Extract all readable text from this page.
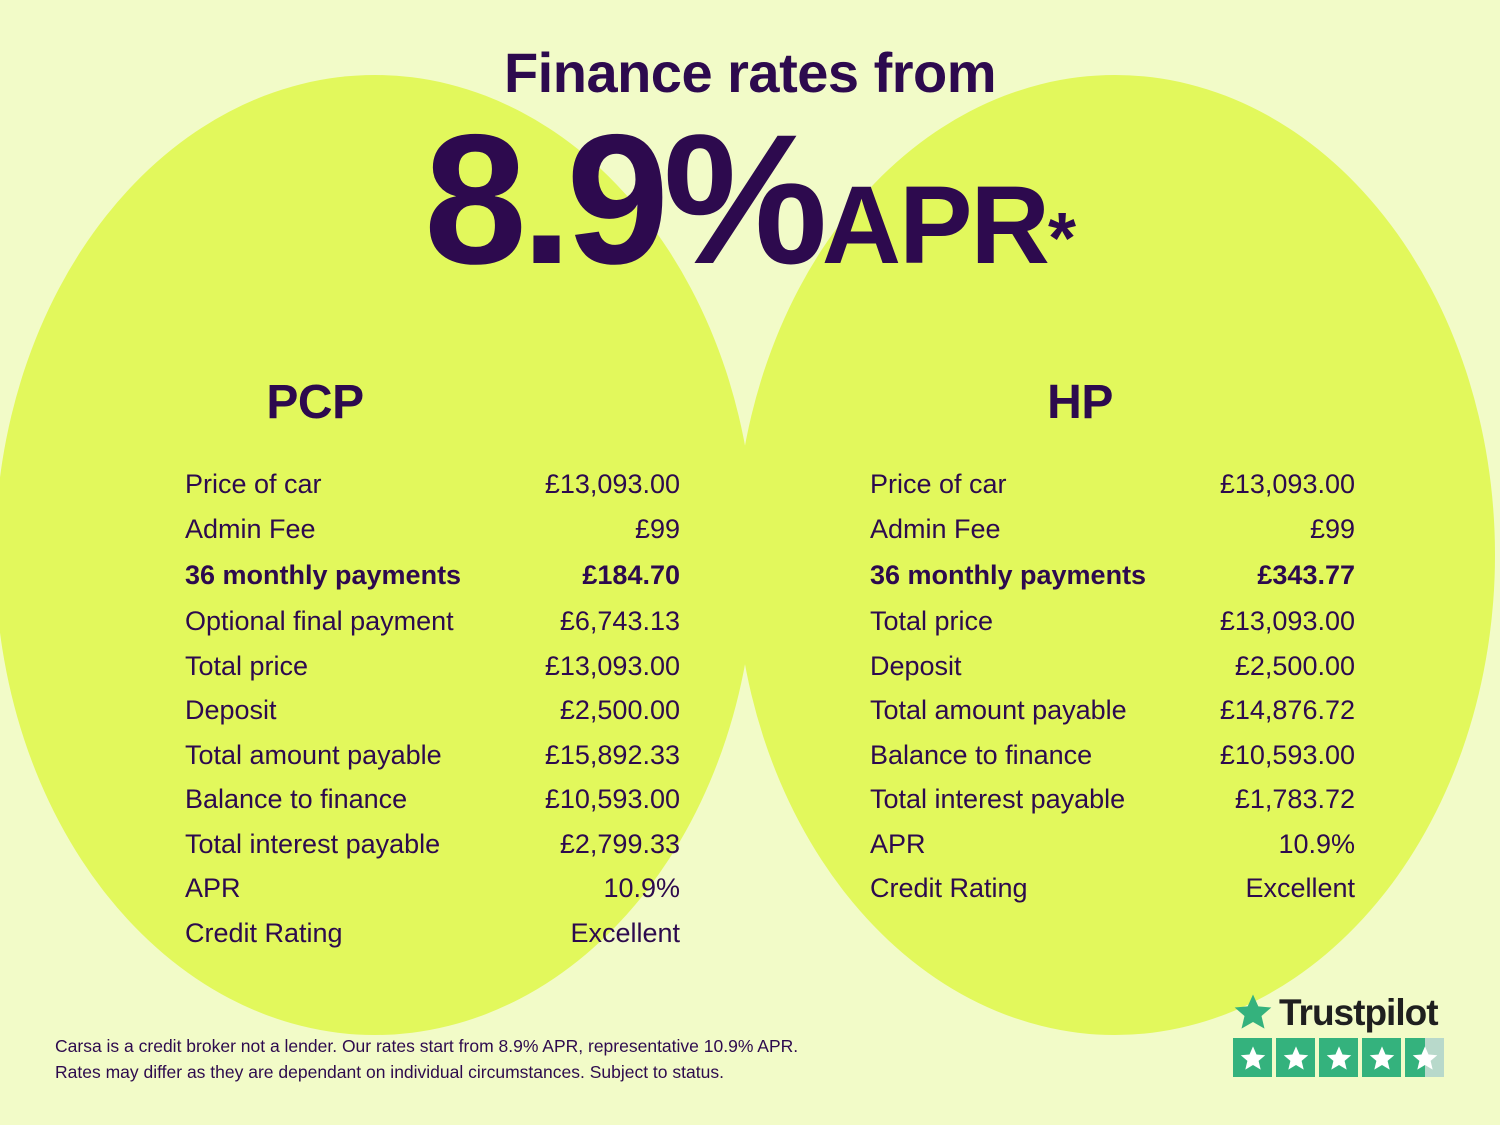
Finance rates from
8.9%APR*
PCP
Price of car	£13,093.00
Admin Fee	£99
36 monthly payments	£184.70
Optional final payment	£6,743.13
Total price	£13,093.00
Deposit	£2,500.00
Total amount payable	£15,892.33
Balance to finance	£10,593.00
Total interest payable	£2,799.33
APR	10.9%
Credit Rating	Excellent
HP
Price of car	£13,093.00
Admin Fee	£99
36 monthly payments	£343.77
Total price	£13,093.00
Deposit	£2,500.00
Total amount payable	£14,876.72
Balance to finance	£10,593.00
Total interest payable	£1,783.72
APR	10.9%
Credit Rating	Excellent
Carsa is a credit broker not a lender. Our rates start from 8.9% APR, representative 10.9% APR.
Rates may differ as they are dependant on individual circumstances. Subject to status.
Trustpilot
